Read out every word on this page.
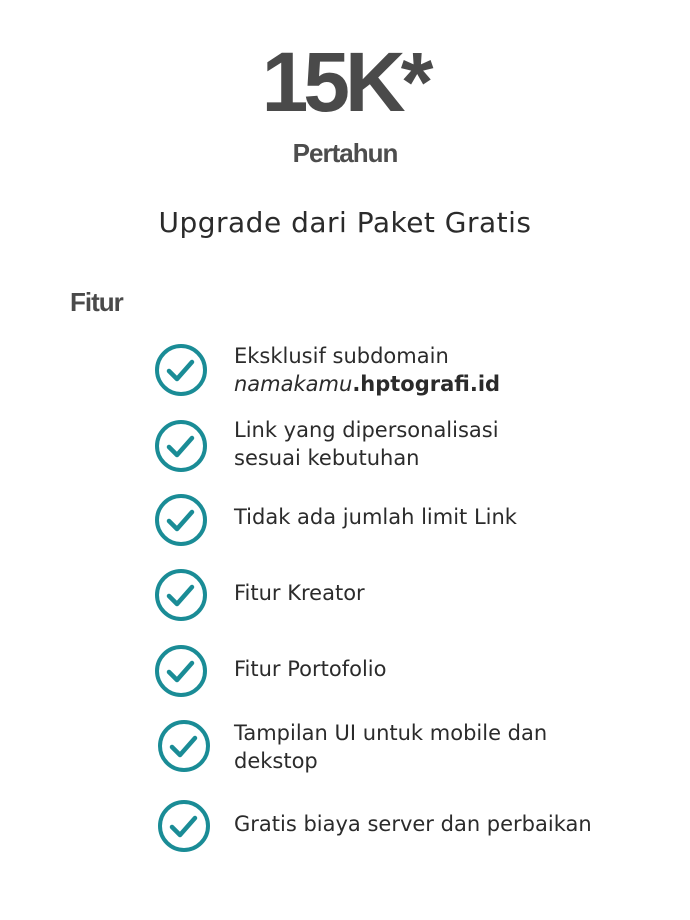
15K*
Pertahun
Upgrade dari Paket Gratis
Fitur
Eksklusif subdomain
namakamu.hptografi.id
Link yang dipersonalisasi
sesuai kebutuhan
Tidak ada jumlah limit Link
Fitur Kreator
Fitur Portofolio
Tampilan UI untuk mobile dan
dekstop
Gratis biaya server dan perbaikan
